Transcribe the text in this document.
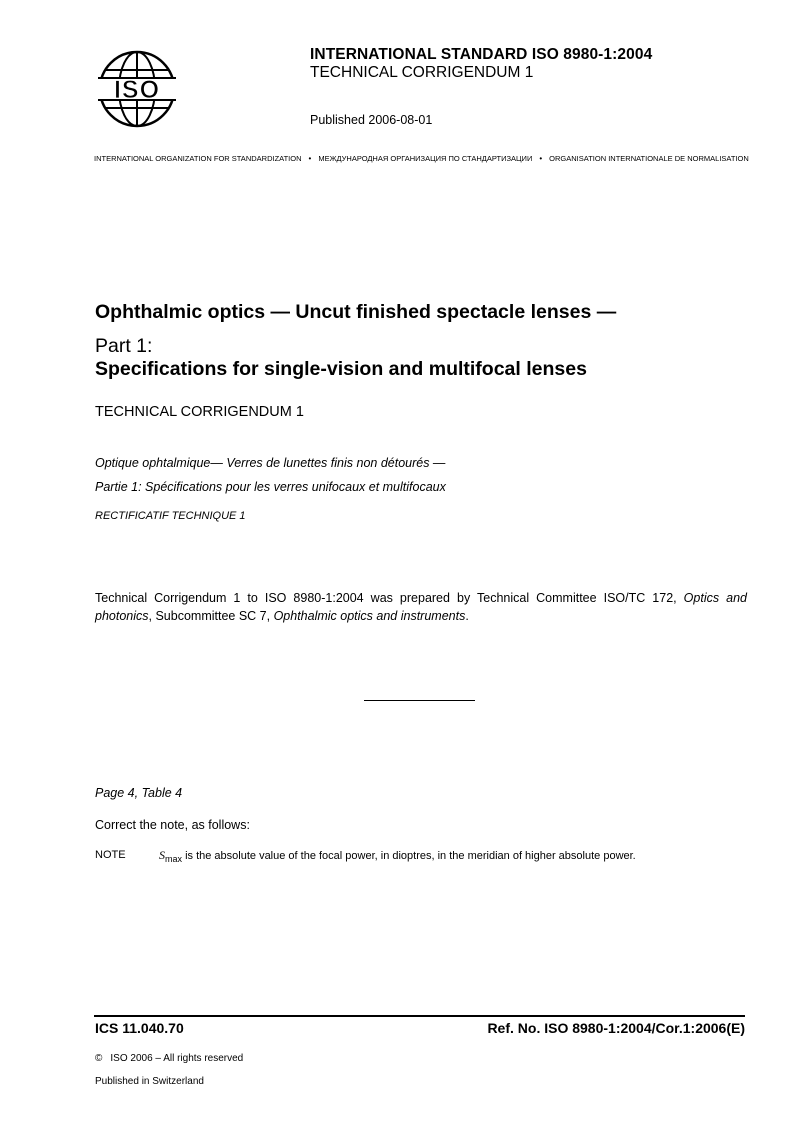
ISO
INTERNATIONAL STANDARD ISO 8980-1:2004
TECHNICAL CORRIGENDUM 1
Published 2006-08-01
INTERNATIONAL ORGANIZATION FOR STANDARDIZATION • МЕЖДУНАРОДНАЯ ОРГАНИЗАЦИЯ ПО СТАНДАРТИЗАЦИИ • ORGANISATION INTERNATIONALE DE NORMALISATION
Ophthalmic optics — Uncut finished spectacle lenses —
Part 1:
Specifications for single-vision and multifocal lenses
TECHNICAL CORRIGENDUM 1
Optique ophtalmique— Verres de lunettes finis non détourés —
Partie 1: Spécifications pour les verres unifocaux et multifocaux
RECTIFICATIF TECHNIQUE 1
Technical Corrigendum 1 to ISO 8980-1:2004 was prepared by Technical Committee ISO/TC 172, Optics and photonics, Subcommittee SC 7, Ophthalmic optics and instruments.
Page 4, Table 4
Correct the note, as follows:
NOTE	$S_{max}$ is the absolute value of the focal power, in dioptres, in the meridian of higher absolute power.
ICS 11.040.70	Ref. No. ISO 8980-1:2004/Cor.1:2006(E)
© ISO 2006 – All rights reserved
Published in Switzerland
